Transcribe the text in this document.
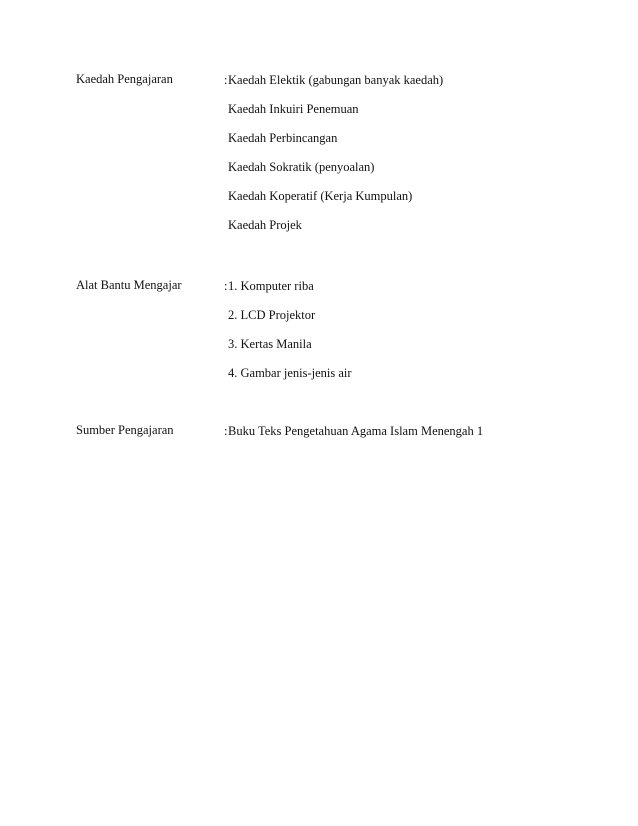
Kaedah Pengajaran	:Kaedah Elektik (gabungan banyak kaedah)
Kaedah Inkuiri Penemuan
Kaedah Perbincangan
Kaedah Sokratik (penyoalan)
Kaedah Koperatif (Kerja Kumpulan)
Kaedah Projek
Alat Bantu Mengajar	:1. Komputer riba
2. LCD Projektor
3. Kertas Manila
4. Gambar jenis-jenis air
Sumber Pengajaran	:Buku Teks Pengetahuan Agama Islam Menengah 1
